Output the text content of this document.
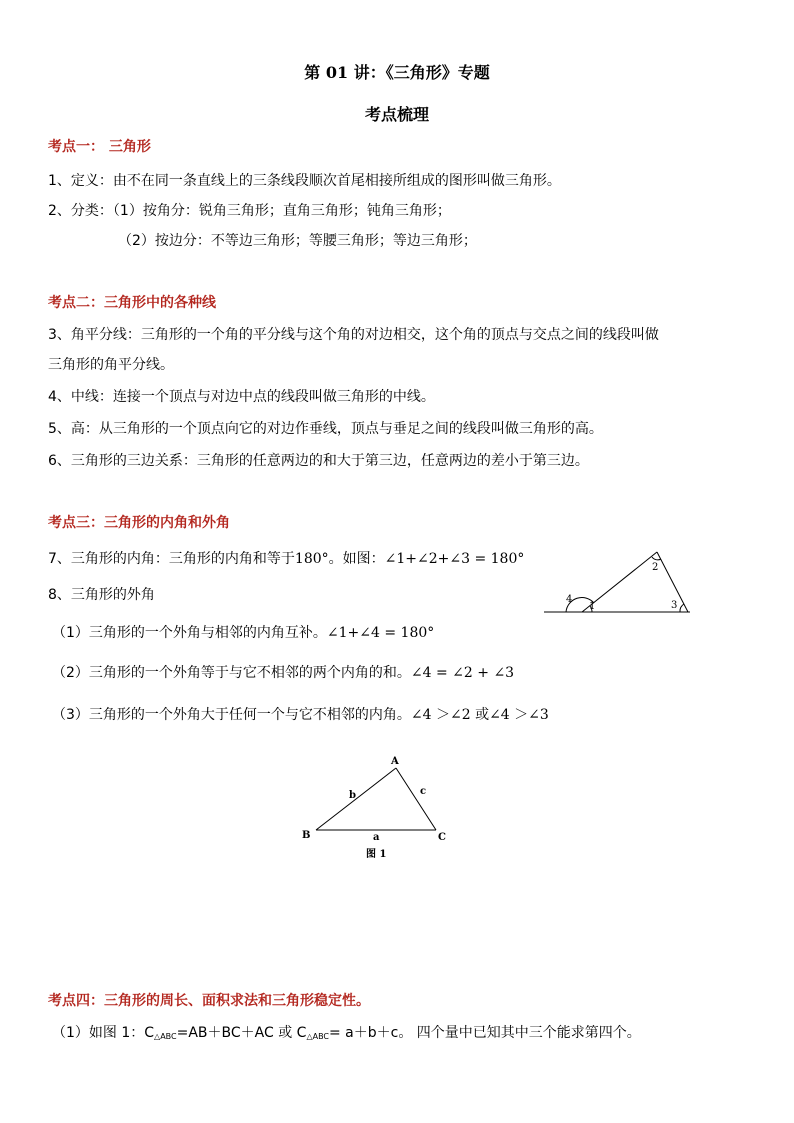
第 01 讲：《三角形》专题
考点梳理
考点一： 三角形
1、定义：由不在同一条直线上的三条线段顺次首尾相接所组成的图形叫做三角形。
2、分类：（1）按角分：锐角三角形；直角三角形；钝角三角形；
（2）按边分：不等边三角形；等腰三角形；等边三角形；
考点二：三角形中的各种线
3、角平分线：三角形的一个角的平分线与这个角的对边相交，这个角的顶点与交点之间的线段叫做
三角形的角平分线。
4、中线：连接一个顶点与对边中点的线段叫做三角形的中线。
5、高：从三角形的一个顶点向它的对边作垂线，顶点与垂足之间的线段叫做三角形的高。
6、三角形的三边关系：三角形的任意两边的和大于第三边，任意两边的差小于第三边。
考点三：三角形的内角和外角
7、三角形的内角：三角形的内角和等于180°。如图：∠1+∠2+∠3 = 180°
8、三角形的外角
1
2
3
4
（1）三角形的一个外角与相邻的内角互补。∠1+∠4 = 180°
（2）三角形的一个外角等于与它不相邻的两个内角的和。∠4 = ∠2 + ∠3
（3）三角形的一个外角大于任何一个与它不相邻的内角。∠4 ＞∠2 或∠4 ＞∠3
A
B	C
b	c
a
图 1
考点四：三角形的周长、面积求法和三角形稳定性。
（1）如图 1：$C_{\triangle ABC}=AB+BC+AC$ 或 $C_{\triangle ABC}= a+b+c$。 四个量中已知其中三个能求第四个。
